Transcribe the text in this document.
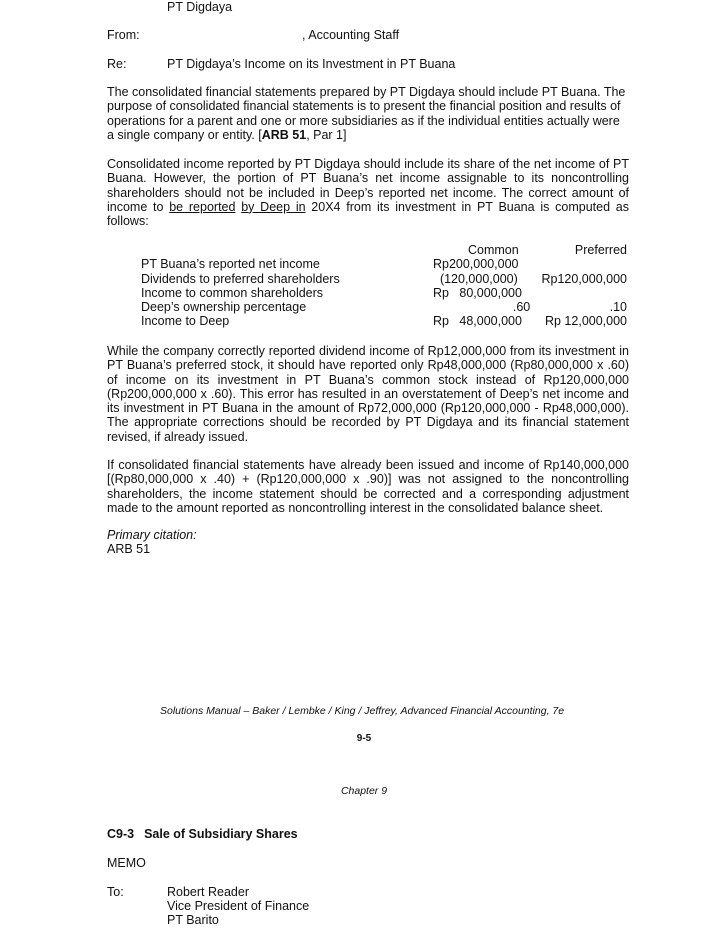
PT Digdaya
From:	, Accounting Staff
Re:	PT Digdaya’s Income on its Investment in PT Buana

The consolidated financial statements prepared by PT Digdaya should include PT Buana. The purpose of consolidated financial statements is to present the financial position and results of operations for a parent and one or more subsidiaries as if the individual entities actually were a single company or entity. [ARB 51, Par 1]

Consolidated income reported by PT Digdaya should include its share of the net income of PT Buana. However, the portion of PT Buana’s net income assignable to its noncontrolling shareholders should not be included in Deep’s reported net income. The correct amount of income to be reported by Deep in 20X4 from its investment in PT Buana is computed as follows:

Common	Preferred
PT Buana’s reported net income	Rp200,000,000
Dividends to preferred shareholders	(120,000,000) Rp120,000,000
Income to common shareholders	Rp   80,000,000
Deep’s ownership percentage	.60	.10
Income to Deep	Rp   48,000,000 Rp 12,000,000

While the company correctly reported dividend income of Rp12,000,000 from its investment in PT Buana’s preferred stock, it should have reported only Rp48,000,000 (Rp80,000,000 x .60) of income on its investment in PT Buana’s common stock instead of Rp120,000,000 (Rp200,000,000 x .60). This error has resulted in an overstatement of Deep’s net income and its investment in PT Buana in the amount of Rp72,000,000 (Rp120,000,000 - Rp48,000,000). The appropriate corrections should be recorded by PT Digdaya and its financial statement revised, if already issued.

If consolidated financial statements have already been issued and income of Rp140,000,000 [(Rp80,000,000 x .40) + (Rp120,000,000 x .90)] was not assigned to the noncontrolling shareholders, the income statement should be corrected and a corresponding adjustment made to the amount reported as noncontrolling interest in the consolidated balance sheet.

Primary citation:
ARB 51
Solutions Manual – Baker / Lembke / King / Jeffrey, Advanced Financial Accounting, 7e
9-5
Chapter 9
C9-3 Sale of Subsidiary Shares
MEMO
To:	Robert Reader
Vice President of Finance
PT Barito
